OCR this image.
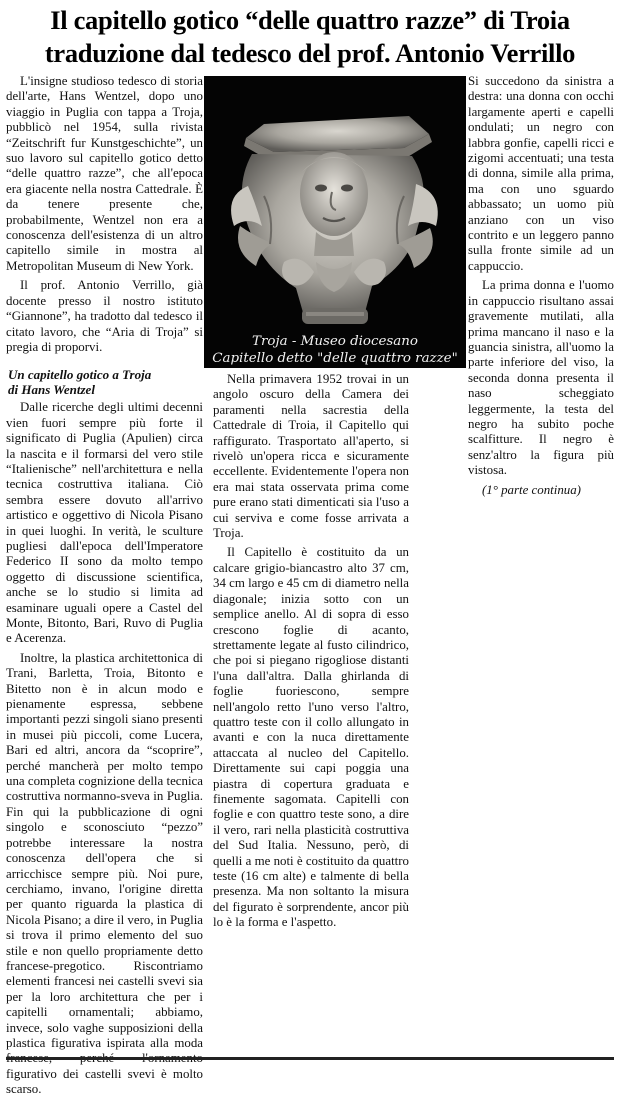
Il capitello gotico “delle quattro razze” di Troia
traduzione dal tedesco del prof. Antonio Verrillo

L'insigne studioso tedesco di storia dell'arte, Hans Wentzel, dopo uno viaggio in Puglia con tappa a Troja, pubblicò nel 1954, sulla rivista “Zeitschrift fur Kunstgeschichte”, un suo lavoro sul capitello gotico detto “delle quattro razze”, che all'epoca era giacente nella nostra Cattedrale. È da tenere presente che, probabilmente, Wentzel non era a conoscenza dell'esistenza di un altro capitello simile in mostra al Metropolitan Museum di New York.

Il prof. Antonio Verrillo, già docente presso il nostro istituto “Giannone”, ha tradotto dal tedesco il citato lavoro, che “Aria di Troja” si pregia di proporvi.

Un capitello gotico a Troja
di Hans Wentzel

Dalle ricerche degli ultimi decenni vien fuori sempre più forte il significato di Puglia (Apulien) circa la nascita e il formarsi del vero stile “Italienische” nell'architettura e nella tecnica costruttiva italiana. Ciò sembra essere dovuto all'arrivo artistico e oggettivo di Nicola Pisano in quei luoghi. In verità, le sculture pugliesi dall'epoca dell'Imperatore Federico II sono da molto tempo oggetto di discussione scientifica, anche se lo studio si limita ad esaminare uguali opere a Castel del Monte, Bitonto, Bari, Ruvo di Puglia e Acerenza.

Inoltre, la plastica architettonica di Trani, Barletta, Troia, Bitonto e Bitetto non è in alcun modo e pienamente espressa, sebbene importanti pezzi singoli siano presenti in musei più piccoli, come Lucera, Bari ed altri, ancora da “scoprire”, perché mancherà per molto tempo una completa cognizione della tecnica costruttiva normanno-sveva in Puglia. Fin qui la pubblicazione di ogni singolo e sconosciuto “pezzo” potrebbe interessare la nostra conoscenza dell'opera che si arricchisce sempre più. Noi pure, cerchiamo, invano, l'origine diretta per quanto riguarda la plastica di Nicola Pisano; a dire il vero, in Puglia si trova il primo elemento del suo stile e non quello propriamente detto francese-pregotico. Riscontriamo elementi francesi nei castelli svevi sia per la loro architettura che per i capitelli ornamentali; abbiamo, invece, solo vaghe supposizioni della plastica figurativa ispirata alla moda figurativo dei castelli svevi è molto scarso.

Troja - Museo diocesano
Capitello detto "delle quattro razze"

Nella primavera 1952 trovai in un angolo oscuro della Camera dei paramenti nella sacrestia della Cattedrale di Troia, il Capitello qui raffigurato. Trasportato all'aperto, si rivelò un'opera ricca e sicuramente eccellente. Evidentemente l'opera non era mai stata osservata prima come pure erano stati dimenticati sia l'uso a cui serviva e come fosse arrivata a Troja.

Il Capitello è costituito da un calcare grigio-biancastro alto 37 cm, 34 cm largo e 45 cm di diametro nella diagonale; inizia sotto con un semplice anello. Al di sopra di esso crescono foglie di acanto, strettamente legate al fusto cilindrico, che poi si piegano rigogliose distanti l'una dall'altra. Dalla ghirlanda di foglie fuoriescono, sempre nell'angolo retto l'uno verso l'altro, quattro teste con il collo allungato in avanti e con la nuca direttamente attaccata al nucleo del Capitello. Direttamente sui capi poggia una piastra di copertura graduata e finemente sagomata. Capitelli con foglie e con quattro teste sono, a dire il vero, rari nella plasticità costruttiva del Sud Italia. Nessuno, però, di quelli a me noti è costituito da quattro teste (16 cm alte) e talmente di bella presenza. Ma non soltanto la misura del figurato è sorprendente, ancor più lo è la forma e l'aspetto.

Si succedono da sinistra a destra: una donna con occhi largamente aperti e capelli ondulati; un negro con labbra gonfie, capelli ricci e zigomi accentuati; una testa di donna, simile alla prima, ma con uno sguardo abbassato; un uomo più anziano con un viso contrito e un leggero panno sulla fronte simile ad un cappuccio.

La prima donna e l'uomo in cappuccio risultano assai gravemente mutilati, alla prima mancano il naso e la guancia sinistra, all'uomo la parte inferiore del viso, la seconda donna presenta il naso scheggiato leggermente, la testa del negro ha subito poche scalfitture. Il negro è senz'altro la figura più vistosa.

(1° parte continua)
